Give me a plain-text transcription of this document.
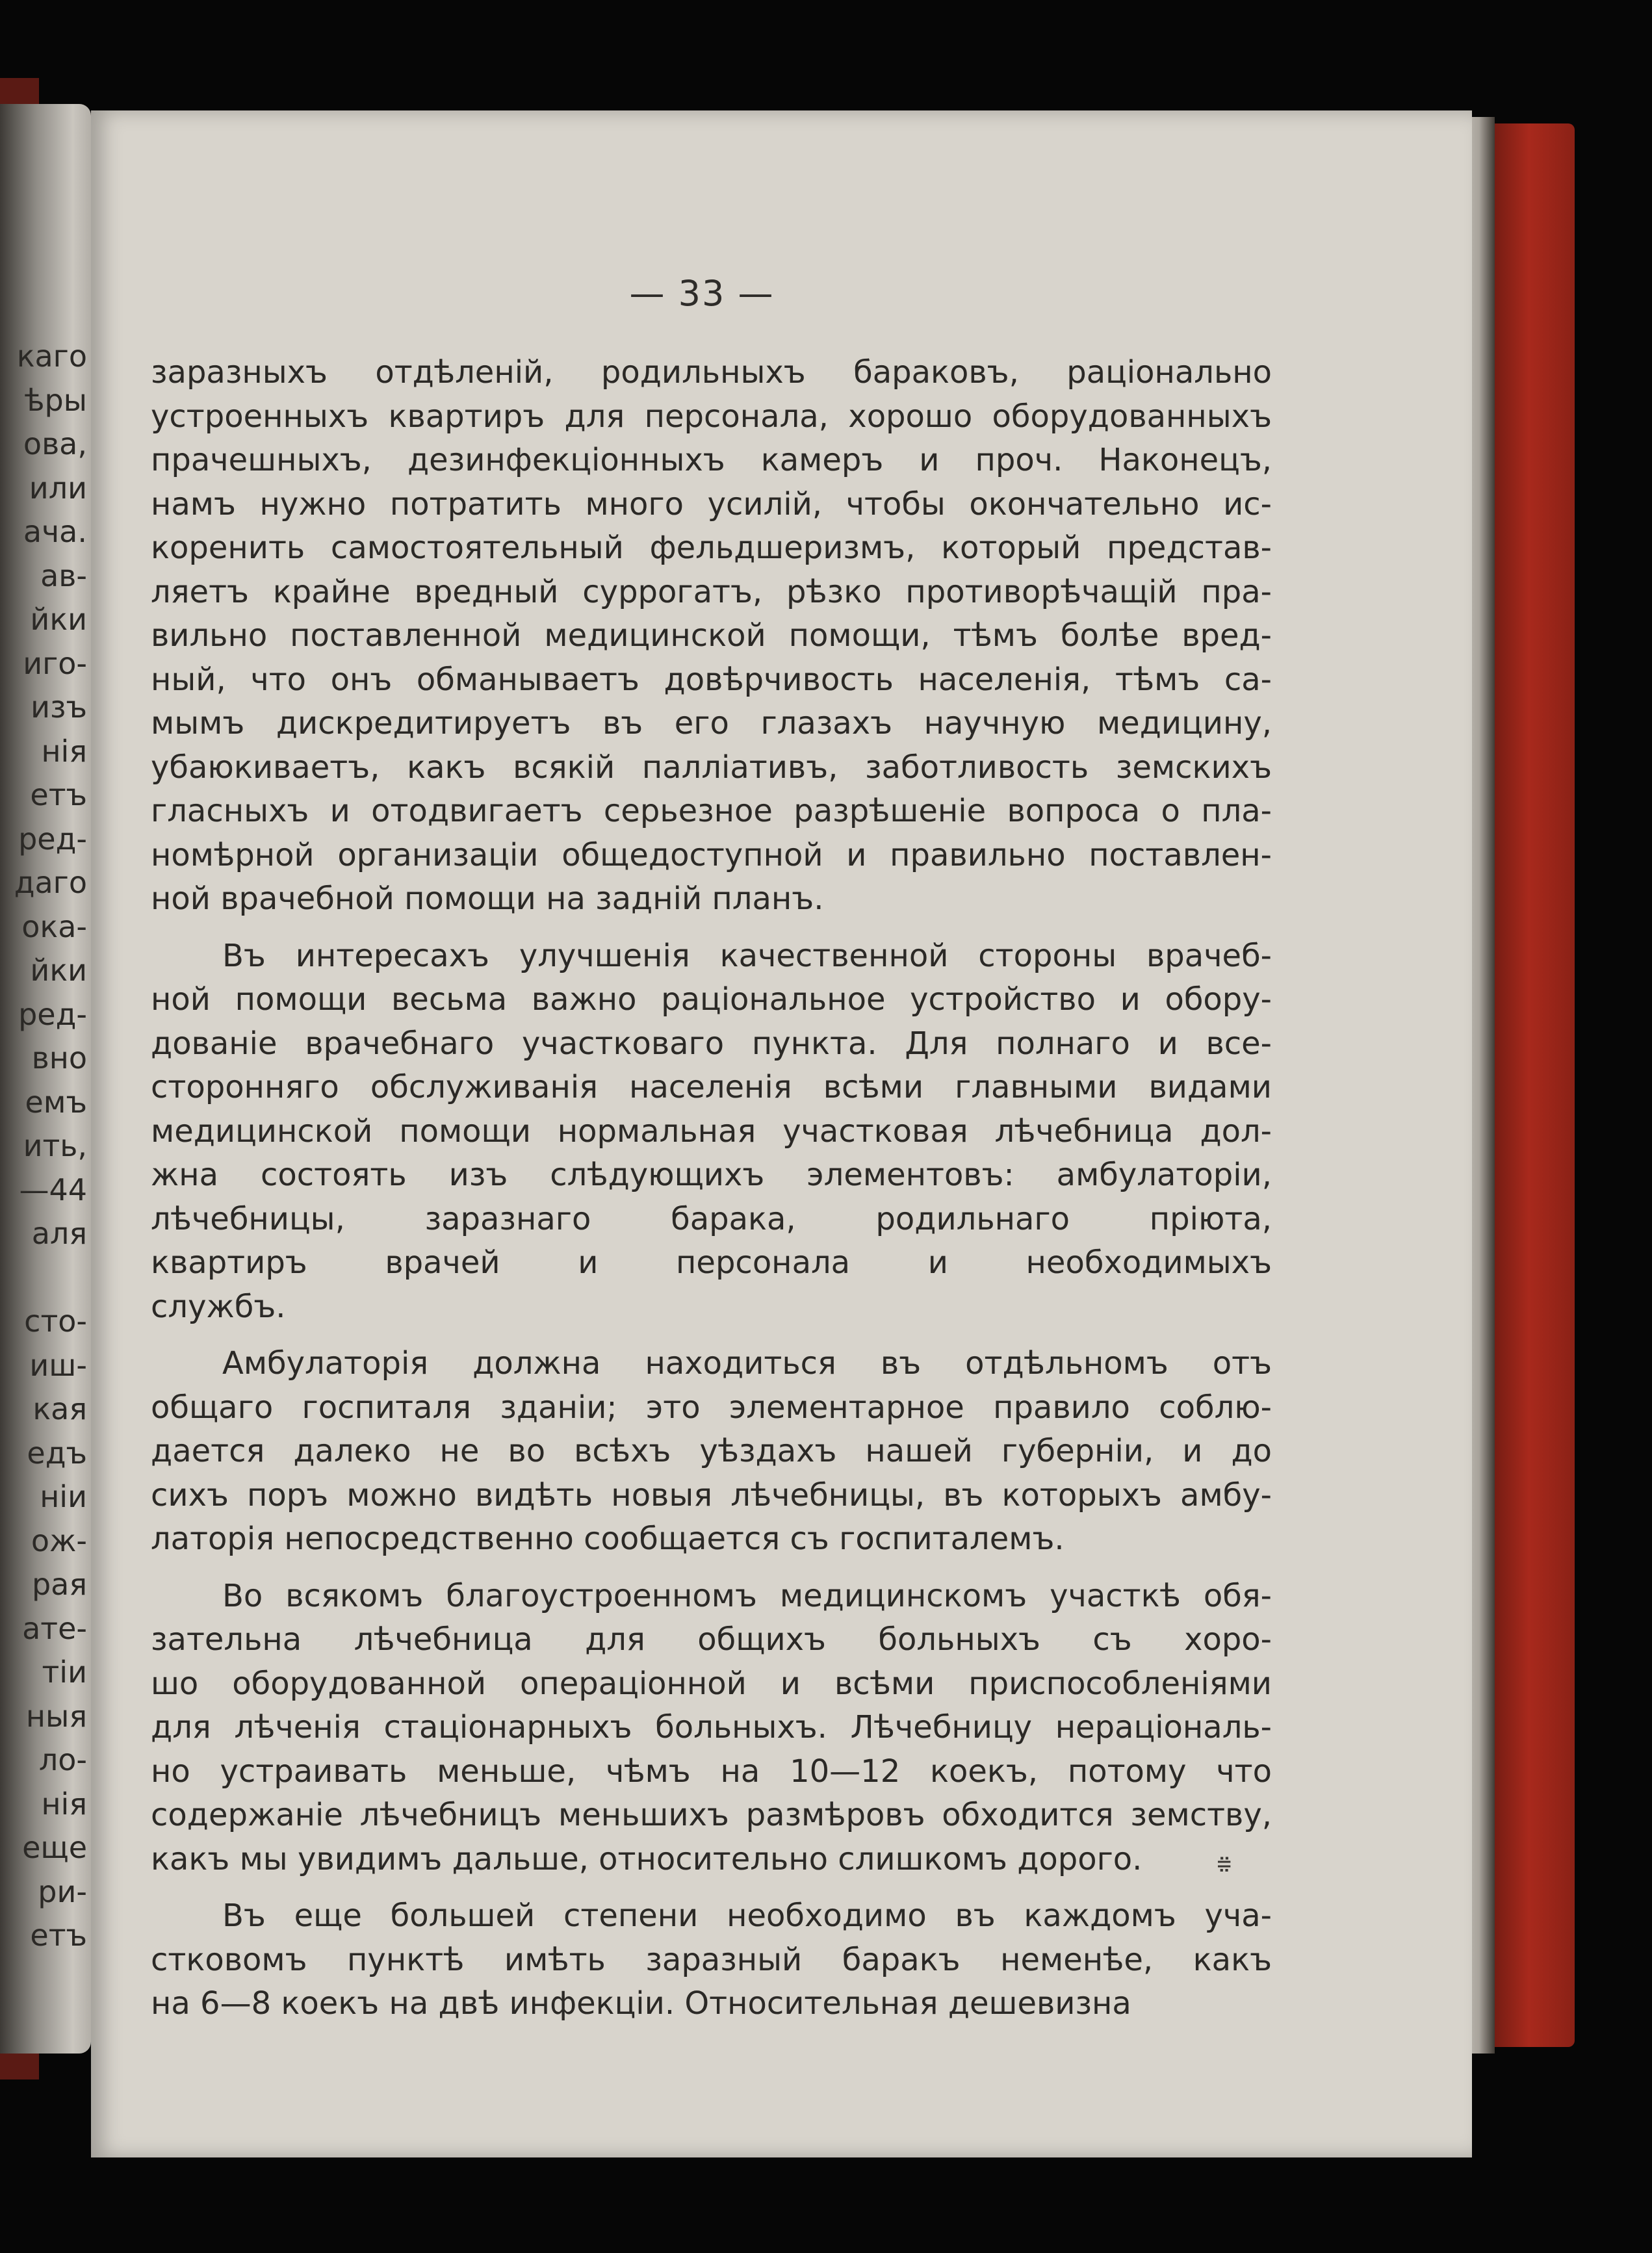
каго
ѣры
ова,
или
ача.
ав-
йки
иго-
изъ
нія
етъ
ред-
даго
ока-
йки
ред-
вно
емъ
ить,
—44
аля
сто-
иш-
кая
едъ
ніи
ож-
рая
ате-
тіи
ныя
ло-
нія
еще
ри-
етъ
— 33 —
заразныхъ отдѣленій, родильныхъ бараковъ, раціонально
устроенныхъ квартиръ для персонала, хорошо оборудованныхъ
прачешныхъ, дезинфекціонныхъ камеръ и проч. Наконецъ,
намъ нужно потратить много усилій, чтобы окончательно ис-
коренить самостоятельный фельдшеризмъ, который представ-
ляетъ крайне вредный суррогатъ, рѣзко противорѣчащій пра-
вильно поставленной медицинской помощи, тѣмъ болѣе вред-
ный, что онъ обманываетъ довѣрчивость населенія, тѣмъ са-
мымъ дискредитируетъ въ его глазахъ научную медицину,
убаюкиваетъ, какъ всякій паллiативъ, заботливость земскихъ
гласныхъ и отодвигаетъ серьезное разрѣшеніе вопроса о пла-
номѣрной организаціи общедоступной и правильно поставлен-
ной врачебной помощи на задній планъ.
Въ интересахъ улучшенія качественной стороны врачеб-
ной помощи весьма важно раціональное устройство и обору-
дованіе врачебнаго участковаго пункта. Для полнаго и все-
сторонняго обслуживанія населенія всѣми главными видами
медицинской помощи нормальная участковая лѣчебница дол-
жна состоять изъ слѣдующихъ элементовъ: амбулаторіи,
лѣчебницы, заразнаго барака, родильнаго пріюта,
квартиръ врачей и персонала и необходимыхъ
службъ.
Амбулаторія должна находиться въ отдѣльномъ отъ
общаго госпиталя зданіи; это элементарное правило соблю-
дается далеко не во всѣхъ уѣздахъ нашей губерніи, и до
сихъ поръ можно видѣть новыя лѣчебницы, въ которыхъ амбу-
латорія непосредственно сообщается съ госпиталемъ.
Во всякомъ благоустроенномъ медицинскомъ участкѣ обя-
зательна лѣчебница для общихъ больныхъ съ хоро-
шо оборудованной операціонной и всѣми приспособленіями
для лѣченія стаціонарныхъ больныхъ. Лѣчебницу нераціональ-
но устраивать меньше, чѣмъ на 10—12 коекъ, потому что
содержаніе лѣчебницъ меньшихъ размѣровъ обходится земству,
какъ мы увидимъ дальше, относительно слишкомъ дорого.
Въ еще большей степени необходимо въ каждомъ уча-
стковомъ пунктѣ имѣть заразный баракъ неменѣе, какъ
на 6—8 коекъ на двѣ инфекціи. Относительная дешевизна
⩷
